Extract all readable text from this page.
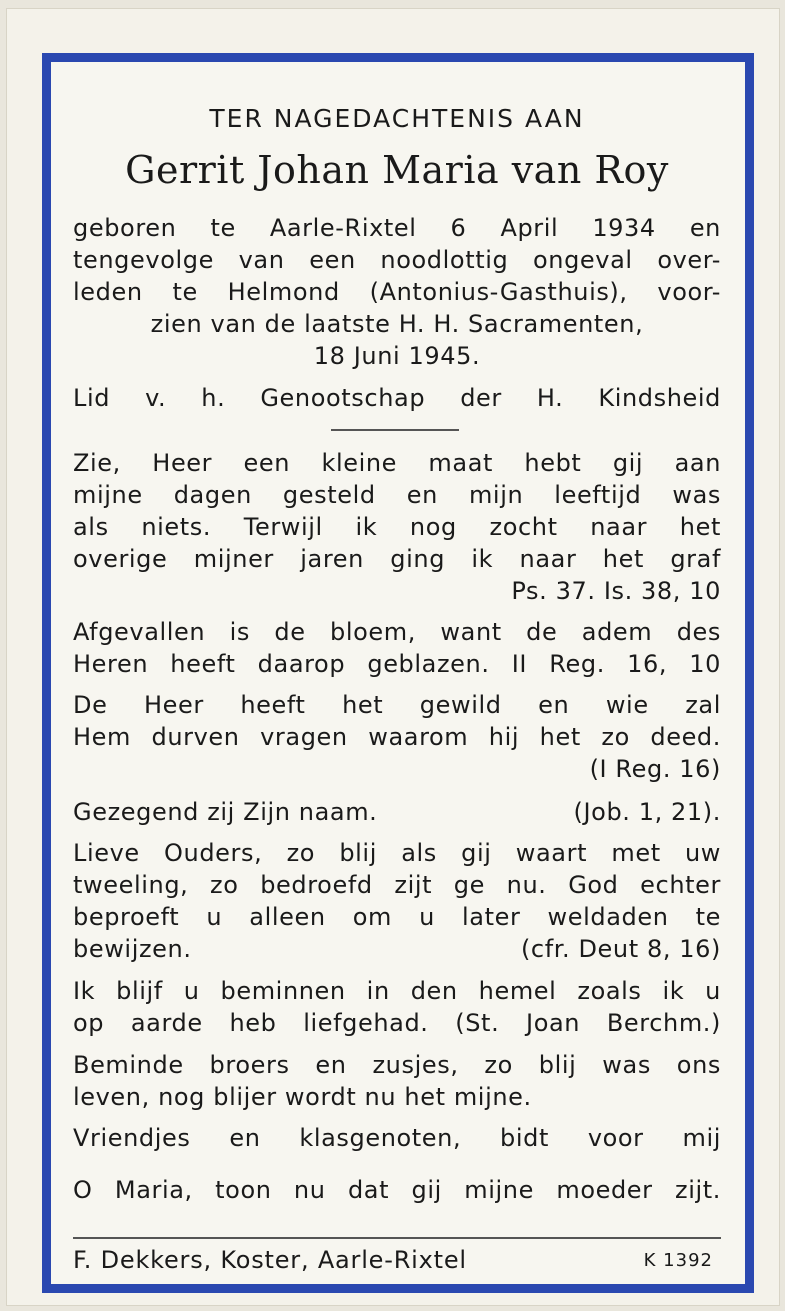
TER NAGEDACHTENIS AAN
Gerrit Johan Maria van Roy
geboren te Aarle-Rixtel 6 April 1934 en
tengevolge van een noodlottig ongeval over-
leden te Helmond (Antonius-Gasthuis), voor-
zien van de laatste H. H. Sacramenten,
18 Juni 1945.
Lid v. h. Genootschap der H. Kindsheid
Zie, Heer een kleine maat hebt gij aan
mijne dagen gesteld en mijn leeftijd was
als niets. Terwijl ik nog zocht naar het
overige mijner jaren ging ik naar het graf
Ps. 37. Is. 38, 10
Afgevallen is de bloem, want de adem des
Heren heeft daarop geblazen. II Reg. 16, 10
De Heer heeft het gewild en wie zal
Hem durven vragen waarom hij het zo deed.
(I Reg. 16)
Gezegend zij Zijn naam.	(Job. 1, 21).
Lieve Ouders, zo blij als gij waart met uw
tweeling, zo bedroefd zijt ge nu. God echter
beproeft u alleen om u later weldaden te
bewijzen.	(cfr. Deut 8, 16)
Ik blijf u beminnen in den hemel zoals ik u
op aarde heb liefgehad. (St. Joan Berchm.)
Beminde broers en zusjes, zo blij was ons
leven, nog blijer wordt nu het mijne.
Vriendjes en klasgenoten, bidt voor mij
O Maria, toon nu dat gij mijne moeder zijt.
F. Dekkers, Koster, Aarle-Rixtel	K 1392
